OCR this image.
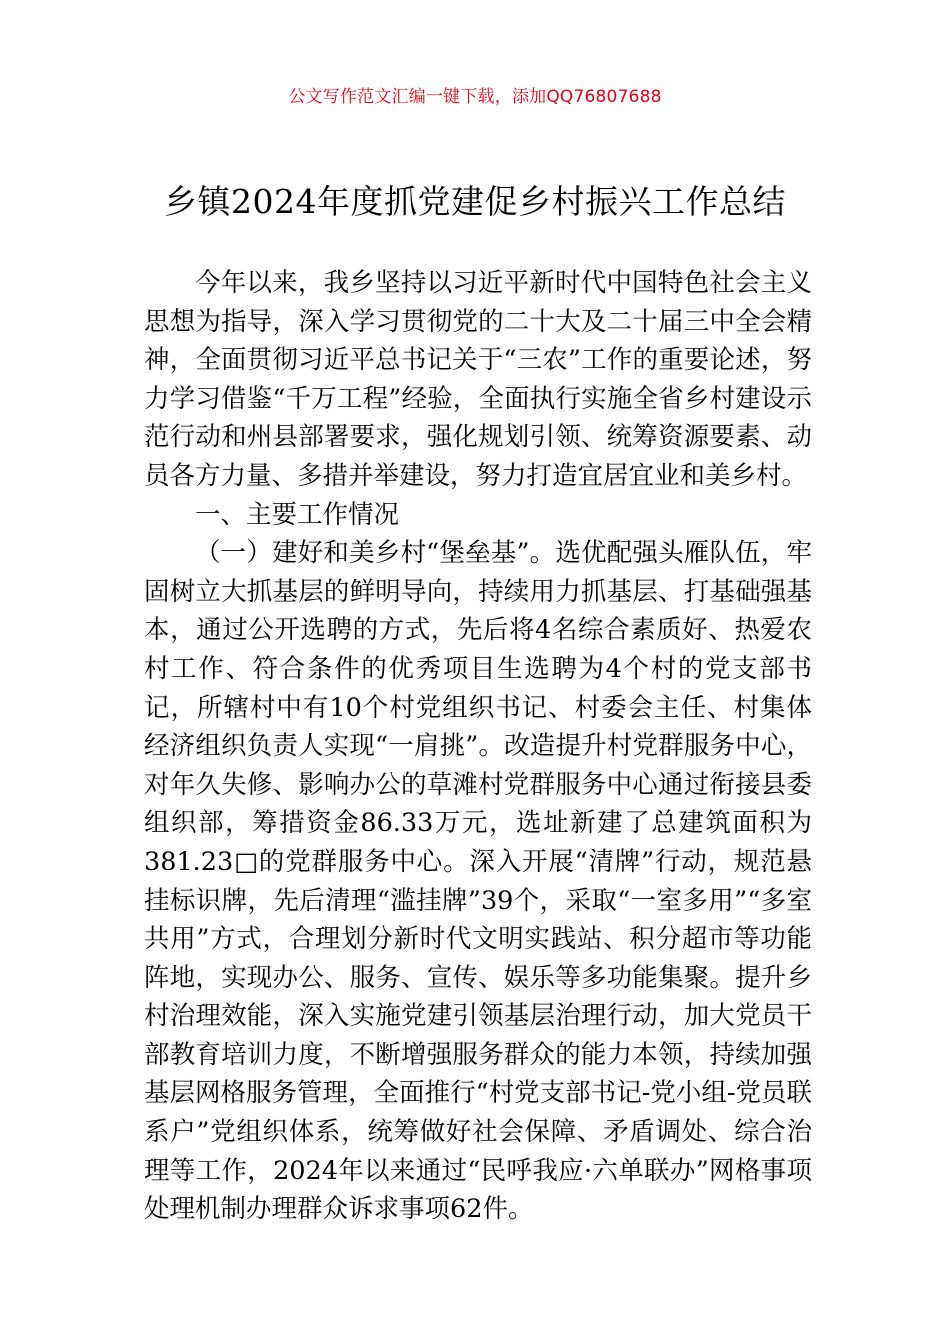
公文写作范文汇编一键下载，添加QQ76807688
乡镇2024年度抓党建促乡村振兴工作总结

今年以来，我乡坚持以习近平新时代中国特色社会主义思想为指导，深入学习贯彻党的二十大及二十届三中全会精神，全面贯彻习近平总书记关于“三农”工作的重要论述，努力学习借鉴“千万工程”经验，全面执行实施全省乡村建设示范行动和州县部署要求，强化规划引领、统筹资源要素、动员各方力量、多措并举建设，努力打造宜居宜业和美乡村。

一、主要工作情况

（一）建好和美乡村“堡垒基”。选优配强头雁队伍，牢固树立大抓基层的鲜明导向，持续用力抓基层、打基础强基本，通过公开选聘的方式，先后将4名综合素质好、热爱农村工作、符合条件的优秀项目生选聘为4个村的党支部书记，所辖村中有10个村党组织书记、村委会主任、村集体经济组织负责人实现“一肩挑”。改造提升村党群服务中心，对年久失修、影响办公的草滩村党群服务中心通过衔接县委组织部，筹措资金86.33万元，选址新建了总建筑面积为381.23□的党群服务中心。深入开展“清牌”行动，规范悬挂标识牌，先后清理“滥挂牌”39个，采取“一室多用”“多室共用”方式，合理划分新时代文明实践站、积分超市等功能阵地，实现办公、服务、宣传、娱乐等多功能集聚。提升乡村治理效能，深入实施党建引领基层治理行动，加大党员干部教育培训力度，不断增强服务群众的能力本领，持续加强基层网格服务管理，全面推行“村党支部书记-党小组-党员联系户”党组织体系，统筹做好社会保障、矛盾调处、综合治理等工作，2024年以来通过“民呼我应·六单联办”网格事项处理机制办理群众诉求事项62件。
